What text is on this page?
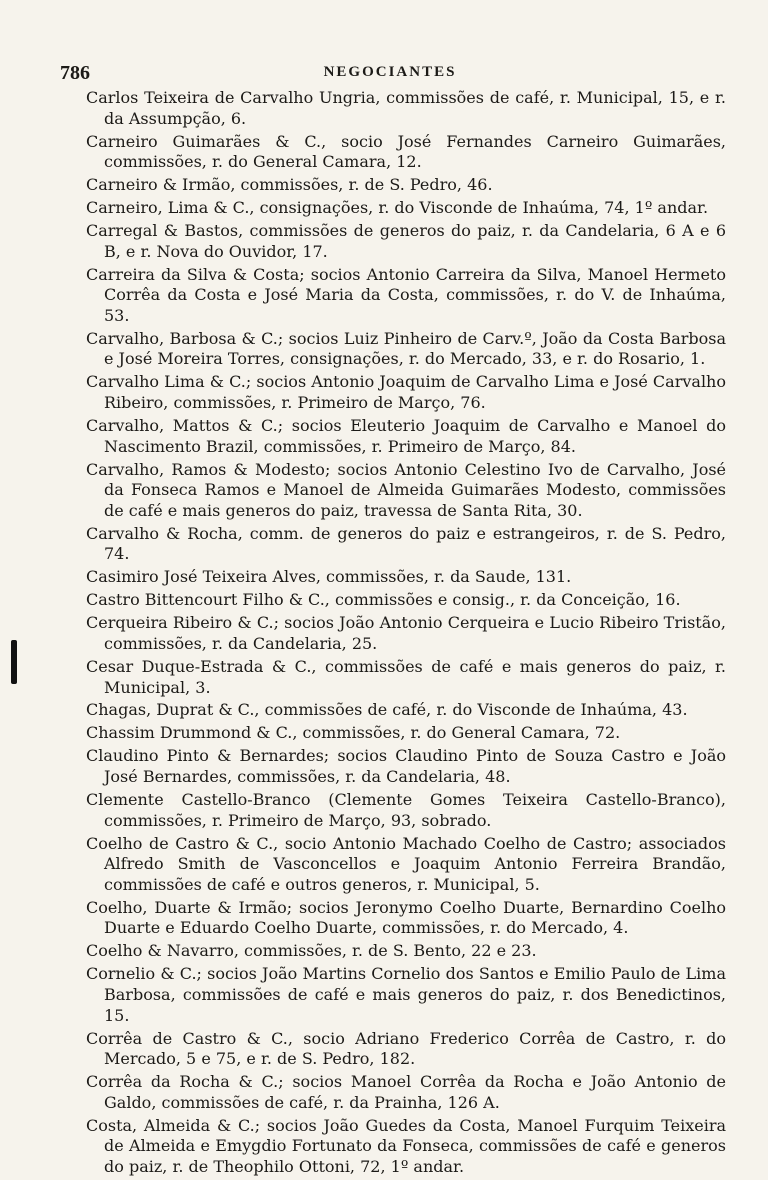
786	NEGOCIANTES

Carlos Teixeira de Carvalho Ungria, commissões de café, r. Municipal, 15, e r. da Assumpção, 6.

Carneiro Guimarães & C., socio José Fernandes Carneiro Guimarães, commissões, r. do General Camara, 12.

Carneiro & Irmão, commissões, r. de S. Pedro, 46.

Carneiro, Lima & C., consignações, r. do Visconde de Inhaúma, 74, 1º andar.

Carregal & Bastos, commissões de generos do paiz, r. da Candelaria, 6 A e 6 B, e r. Nova do Ouvidor, 17.

Carreira da Silva & Costa; socios Antonio Carreira da Silva, Manoel Hermeto Corrêa da Costa e José Maria da Costa, commissões, r. do V. de Inhaúma, 53.

Carvalho, Barbosa & C.; socios Luiz Pinheiro de Carv.º, João da Costa Barbosa e José Moreira Torres, consignações, r. do Mercado, 33, e r. do Rosario, 1.

Carvalho Lima & C.; socios Antonio Joaquim de Carvalho Lima e José Carvalho Ribeiro, commissões, r. Primeiro de Março, 76.

Carvalho, Mattos & C.; socios Eleuterio Joaquim de Carvalho e Manoel do Nascimento Brazil, commissões, r. Primeiro de Março, 84.

Carvalho, Ramos & Modesto; socios Antonio Celestino Ivo de Carvalho, José da Fonseca Ramos e Manoel de Almeida Guimarães Modesto, commissões de café e mais generos do paiz, travessa de Santa Rita, 30.

Carvalho & Rocha, comm. de generos do paiz e estrangeiros, r. de S. Pedro, 74.

Casimiro José Teixeira Alves, commissões, r. da Saude, 131.

Castro Bittencourt Filho & C., commissões e consig., r. da Conceição, 16.

Cerqueira Ribeiro & C.; socios João Antonio Cerqueira e Lucio Ribeiro Tristão, commissões, r. da Candelaria, 25.

Cesar Duque-Estrada & C., commissões de café e mais generos do paiz, r. Municipal, 3.

Chagas, Duprat & C., commissões de café, r. do Visconde de Inhaúma, 43.

Chassim Drummond & C., commissões, r. do General Camara, 72.

Claudino Pinto & Bernardes; socios Claudino Pinto de Souza Castro e João José Bernardes, commissões, r. da Candelaria, 48.

Clemente Castello-Branco (Clemente Gomes Teixeira Castello-Branco), commissões, r. Primeiro de Março, 93, sobrado.

Coelho de Castro & C., socio Antonio Machado Coelho de Castro; associados Alfredo Smith de Vasconcellos e Joaquim Antonio Ferreira Brandão, commissões de café e outros generos, r. Municipal, 5.

Coelho, Duarte & Irmão; socios Jeronymo Coelho Duarte, Bernardino Coelho Duarte e Eduardo Coelho Duarte, commissões, r. do Mercado, 4.

Coelho & Navarro, commissões, r. de S. Bento, 22 e 23.

Cornelio & C.; socios João Martins Cornelio dos Santos e Emilio Paulo de Lima Barbosa, commissões de café e mais generos do paiz, r. dos Benedictinos, 15.

Corrêa de Castro & C., socio Adriano Frederico Corrêa de Castro, r. do Mercado, 5 e 75, e r. de S. Pedro, 182.

Corrêa da Rocha & C.; socios Manoel Corrêa da Rocha e João Antonio de Galdo, commissões de café, r. da Prainha, 126 A.

Costa, Almeida & C.; socios João Guedes da Costa, Manoel Furquim Teixeira de Almeida e Emygdio Fortunato da Fonseca, commissões de café e generos do paiz, r. de Theophilo Ottoni, 72, 1º andar.
